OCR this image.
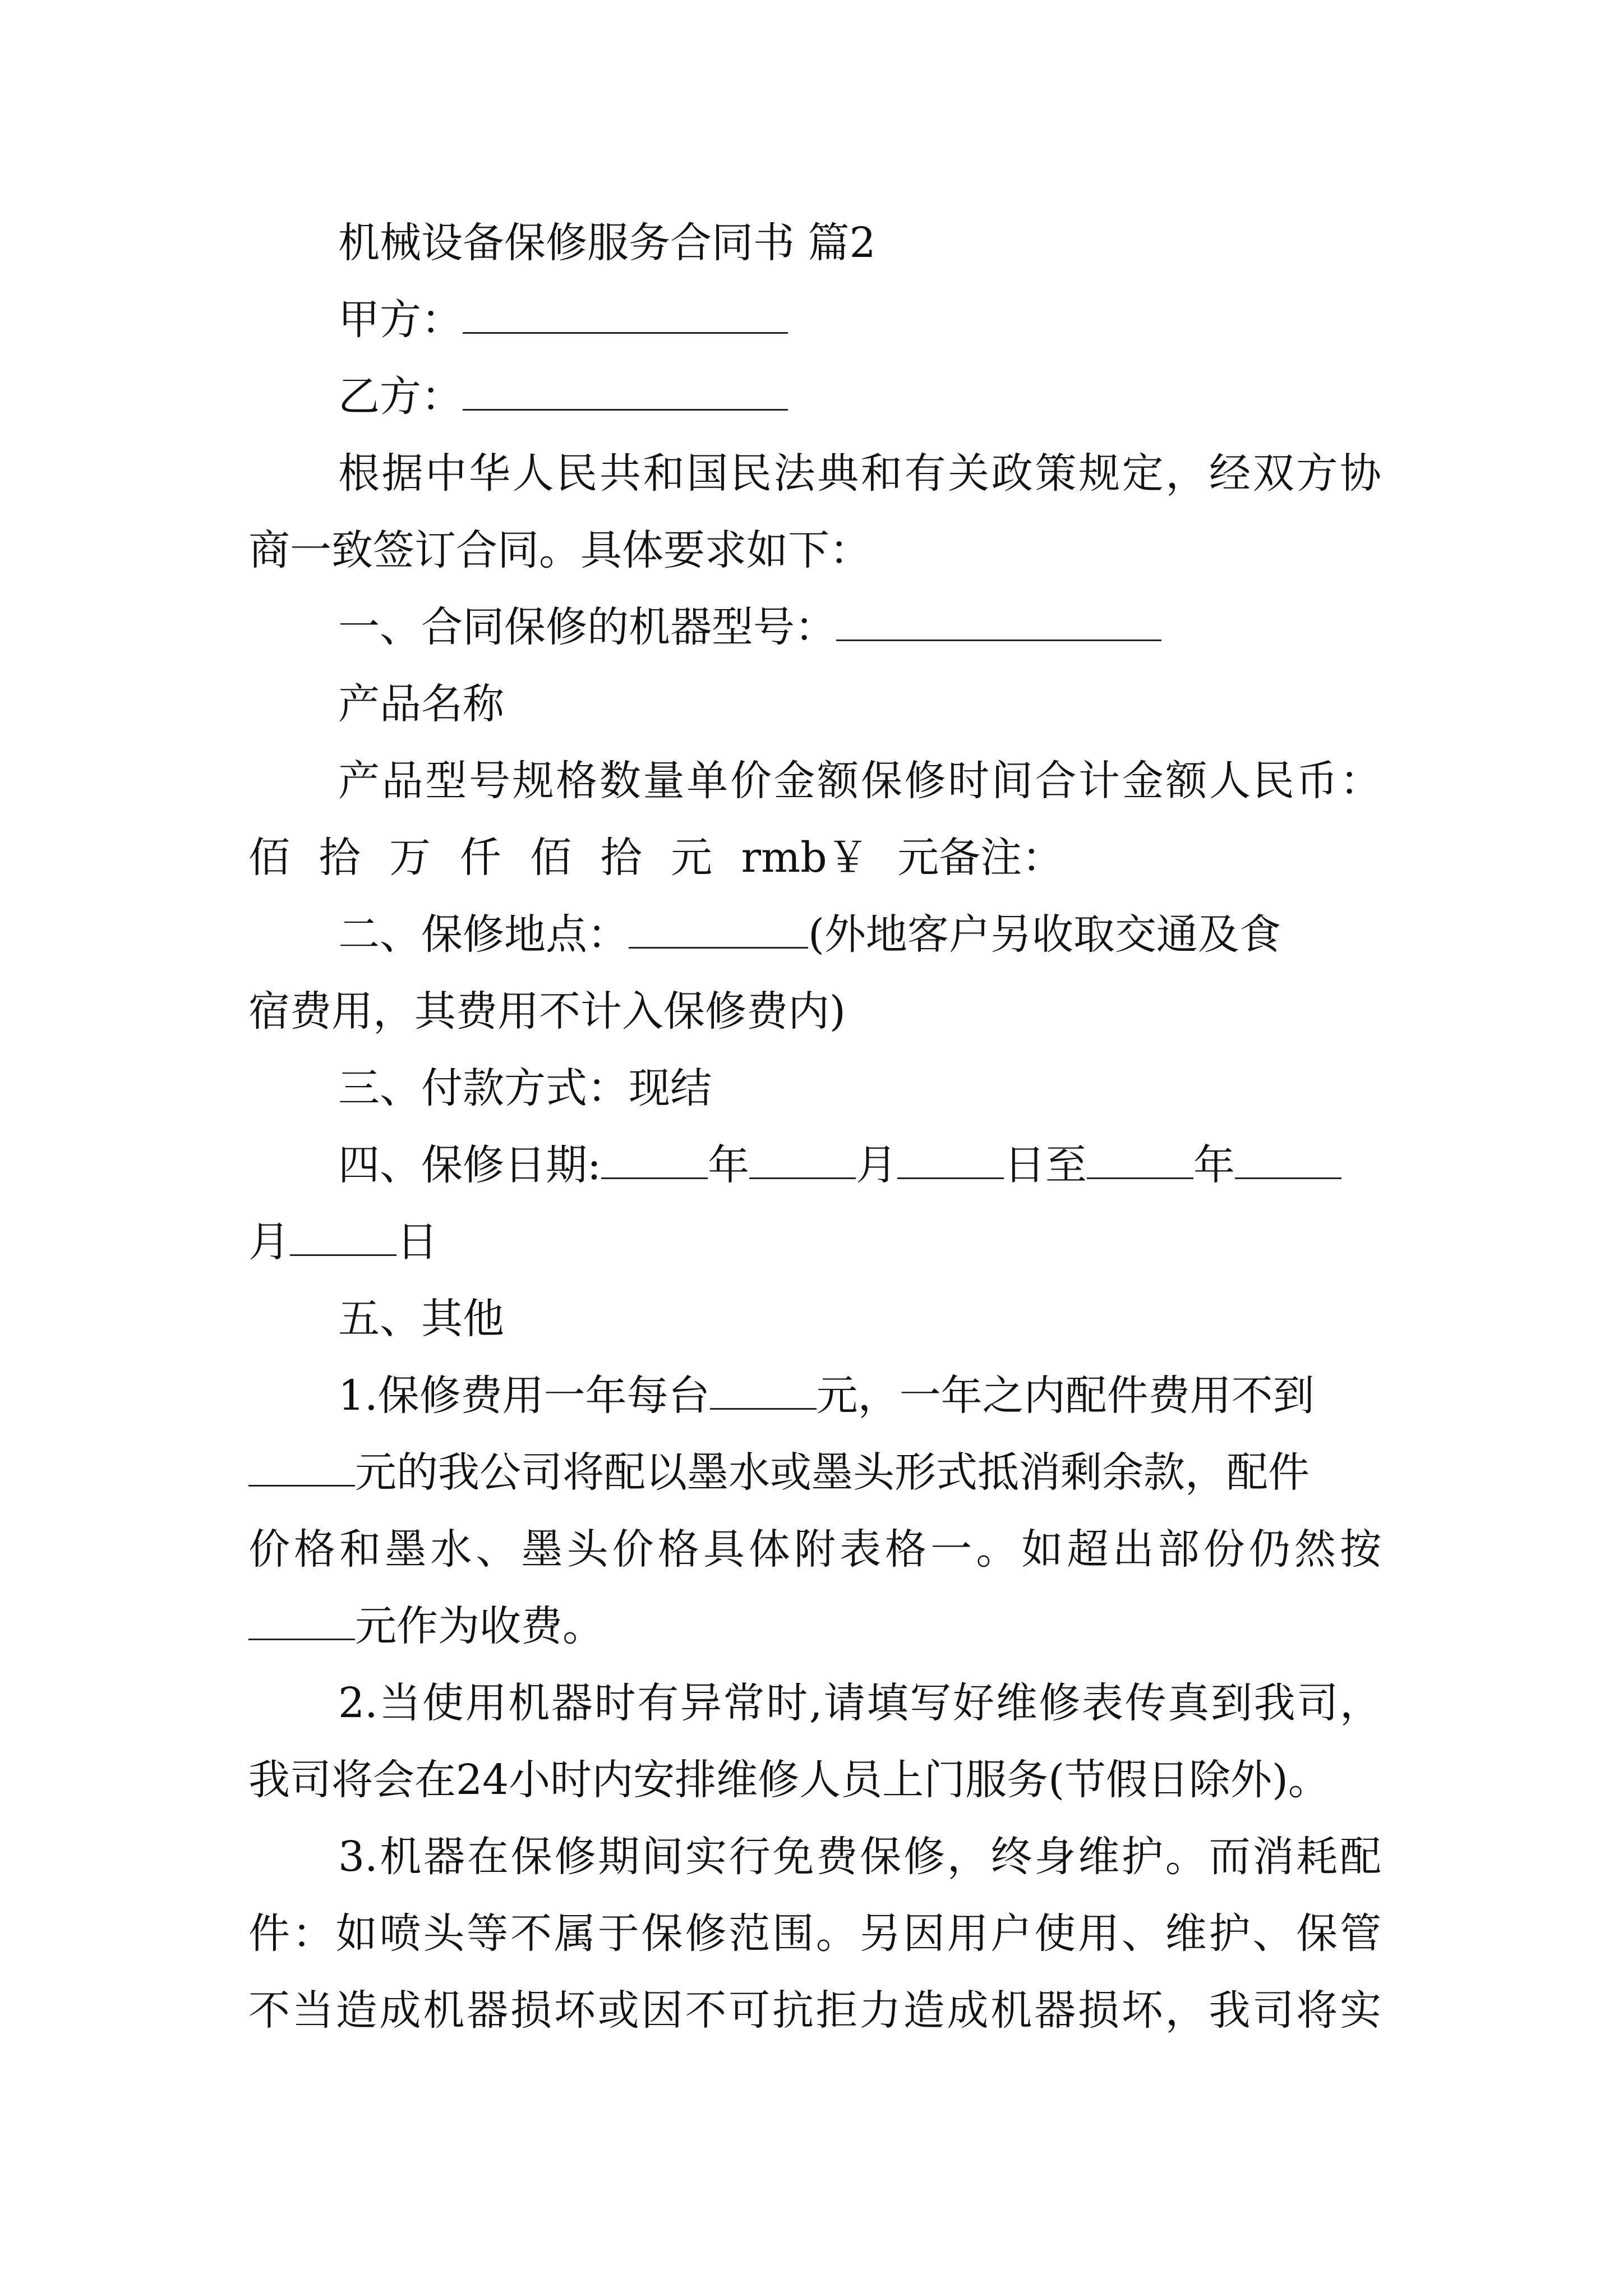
机械设备保修服务合同书 篇2
甲方：
乙方：
根据中华人民共和国民法典和有关政策规定，经双方协
商一致签订合同。具体要求如下：
一、合同保修的机器型号：
产品名称
产品型号规格数量单价金额保修时间合计金额人民币：
佰 拾 万 仟 佰 拾 元 rmb￥ 元备注：
二、保修地点：	(外地客户另收取交通及食
宿费用，其费用不计入保修费内)
三、付款方式：现结
四、保修日期:	年	月	日至	年
月	日
五、其他
1.保修费用一年每台	元，一年之内配件费用不到
元的我公司将配以墨水或墨头形式抵消剩余款，配件
价格和墨水、墨头价格具体附表格一。如超出部份仍然按
元作为收费。
2.当使用机器时有异常时,请填写好维修表传真到我司，
我司将会在24小时内安排维修人员上门服务(节假日除外)。
3.机器在保修期间实行免费保修，终身维护。而消耗配
件：如喷头等不属于保修范围。另因用户使用、维护、保管
不当造成机器损坏或因不可抗拒力造成机器损坏，我司将实
